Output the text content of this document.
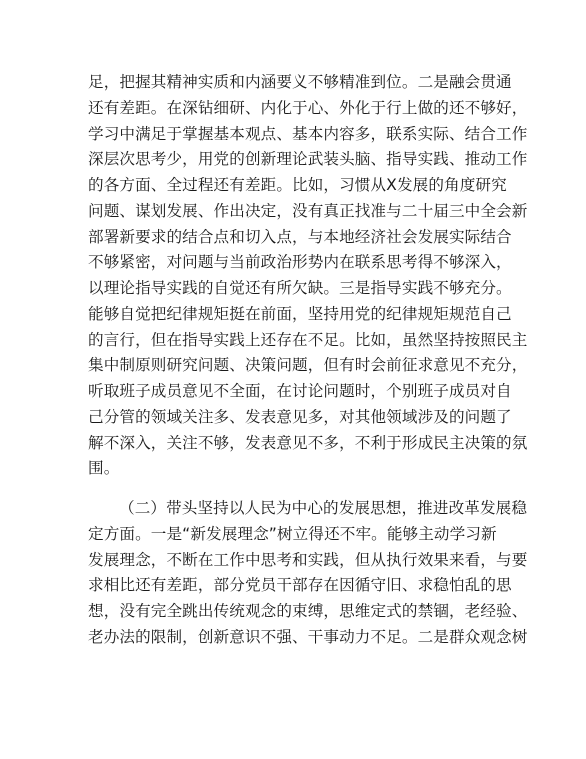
足，把握其精神实质和内涵要义不够精准到位。二是融会贯通
还有差距。在深钻细研、内化于心、外化于行上做的还不够好，
学习中满足于掌握基本观点、基本内容多，联系实际、结合工作
深层次思考少，用党的创新理论武装头脑、指导实践、推动工作
的各方面、全过程还有差距。比如，习惯从X发展的角度研究
问题、谋划发展、作出决定，没有真正找准与二十届三中全会新
部署新要求的结合点和切入点，与本地经济社会发展实际结合
不够紧密，对问题与当前政治形势内在联系思考得不够深入，
以理论指导实践的自觉还有所欠缺。三是指导实践不够充分。
能够自觉把纪律规矩挺在前面，坚持用党的纪律规矩规范自己
的言行，但在指导实践上还存在不足。比如，虽然坚持按照民主
集中制原则研究问题、决策问题，但有时会前征求意见不充分，
听取班子成员意见不全面，在讨论问题时，个别班子成员对自
己分管的领域关注多、发表意见多，对其他领域涉及的问题了
解不深入，关注不够，发表意见不多，不利于形成民主决策的氛
围。
（二）带头坚持以人民为中心的发展思想，推进改革发展稳
定方面。一是“新发展理念”树立得还不牢。能够主动学习新
发展理念，不断在工作中思考和实践，但从执行效果来看，与要
求相比还有差距，部分党员干部存在因循守旧、求稳怕乱的思
想，没有完全跳出传统观念的束缚，思维定式的禁锢，老经验、
老办法的限制，创新意识不强、干事动力不足。二是群众观念树
